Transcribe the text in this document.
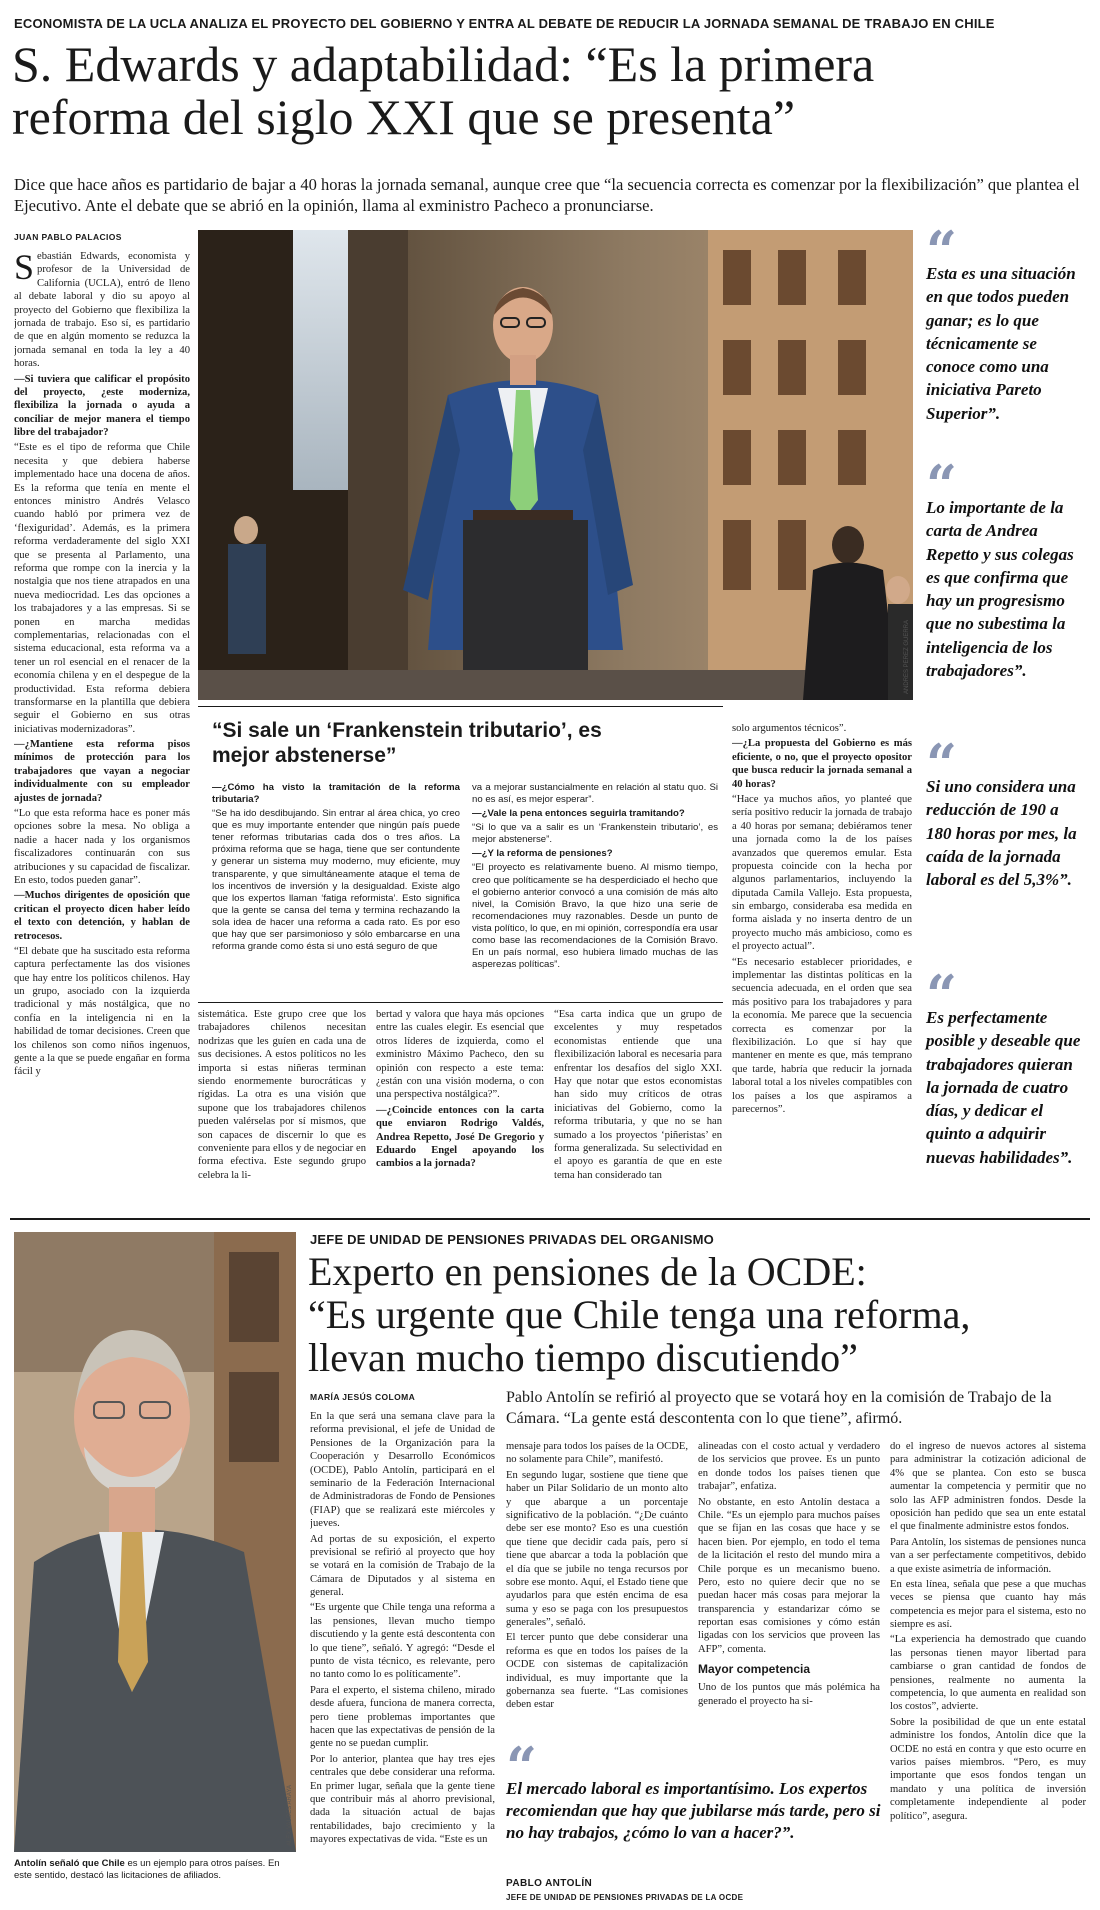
ECONOMISTA DE LA UCLA ANALIZA EL PROYECTO DEL GOBIERNO Y ENTRA AL DEBATE DE REDUCIR LA JORNADA SEMANAL DE TRABAJO EN CHILE
S. Edwards y adaptabilidad: “Es la primera
reforma del siglo XXI que se presenta”
Dice que hace años es partidario de bajar a 40 horas la jornada semanal, aunque cree que “la secuencia correcta es comenzar por la flexibilización” que plantea el Ejecutivo. Ante el debate que se abrió en la opinión, llama al exministro Pacheco a pronunciarse.
JUAN PABLO PALACIOS

Sebastián Edwards, economista y profesor de la Universidad de California (UCLA), entró de lleno al debate laboral y dio su apoyo al proyecto del Gobierno que flexibiliza la jornada de trabajo. Eso sí, es partidario de que en algún momento se reduzca la jornada semanal en toda la ley a 40 horas.

—Si tuviera que calificar el propósito del proyecto, ¿este moderniza, flexibiliza la jornada o ayuda a conciliar de mejor manera el tiempo libre del trabajador?

“Este es el tipo de reforma que Chile necesita y que debiera haberse implementado hace una docena de años. Es la reforma que tenía en mente el entonces ministro Andrés Velasco cuando habló por primera vez de ‘flexiguridad’. Además, es la primera reforma verdaderamente del siglo XXI que se presenta al Parlamento, una reforma que rompe con la inercia y la nostalgia que nos tiene atrapados en una nueva mediocridad. Les das opciones a los trabajadores y a las empresas. Si se ponen en marcha medidas complementarias, relacionadas con el sistema educacional, esta reforma va a tener un rol esencial en el renacer de la economía chilena y en el despegue de la productividad. Esta reforma debiera transformarse en la plantilla que debiera seguir el Gobierno en sus otras iniciativas modernizadoras”.

—¿Mantiene esta reforma pisos mínimos de protección para los trabajadores que vayan a negociar individualmente con su empleador ajustes de jornada?

“Lo que esta reforma hace es poner más opciones sobre la mesa. No obliga a nadie a hacer nada y los organismos fiscalizadores continuarán con sus atribuciones y su capacidad de fiscalizar. En esto, todos pueden ganar”.

—Muchos dirigentes de oposición que critican el proyecto dicen haber leído el texto con detención, y hablan de retrocesos.

“El debate que ha suscitado esta reforma captura perfectamente las dos visiones que hay entre los políticos chilenos. Hay un grupo, asociado con la izquierda tradicional y más nostálgica, que no confía en la inteligencia ni en la habilidad de tomar decisiones. Creen que los chilenos son como niños ingenuos, gente a la que se puede engañar en forma fácil y

ANDRÉS PÉREZ GUERRA
“
Esta es una situación en que todos pueden ganar; es lo que técnicamente se conoce como una iniciativa Pareto Superior”.
“
Lo importante de la carta de Andrea Repetto y sus colegas es que confirma que hay un progresismo que no subestima la inteligencia de los trabajadores”.
“
Si uno considera una reducción de 190 a 180 horas por mes, la caída de la jornada laboral es del 5,3%”.
“
Es perfectamente posible y deseable que trabajadores quieran la jornada de cuatro días, y dedicar el quinto a adquirir nuevas habilidades”.
“Si sale un ‘Frankenstein tributario’, es mejor abstenerse”

—¿Cómo ha visto la tramitación de la reforma tributaria?

“Se ha ido desdibujando. Sin entrar al área chica, yo creo que es muy importante entender que ningún país puede tener reformas tributarias cada dos o tres años. La próxima reforma que se haga, tiene que ser contundente y generar un sistema muy moderno, muy eficiente, muy transparente, y que simultáneamente ataque el tema de los incentivos de inversión y la desigualdad. Existe algo que los expertos llaman ‘fatiga reformista’. Esto significa que la gente se cansa del tema y termina rechazando la sola idea de hacer una reforma a cada rato. Es por eso que hay que ser parsimonioso y sólo embarcarse en una reforma grande como ésta si uno está seguro de que

va a mejorar sustancialmente en relación al statu quo. Si no es así, es mejor esperar”.

—¿Vale la pena entonces seguirla tramitando?

“Si lo que va a salir es un ‘Frankenstein tributario’, es mejor abstenerse”.

—¿Y la reforma de pensiones?

“El proyecto es relativamente bueno. Al mismo tiempo, creo que políticamente se ha desperdiciado el hecho que el gobierno anterior convocó a una comisión de más alto nivel, la Comisión Bravo, la que hizo una serie de recomendaciones muy razonables. Desde un punto de vista político, lo que, en mi opinión, correspondía era usar como base las recomendaciones de la Comisión Bravo. En un país normal, eso hubiera limado muchas de las asperezas políticas”.

sistemática. Este grupo cree que los trabajadores chilenos necesitan nodrizas que les guíen en cada una de sus decisiones. A estos políticos no les importa si estas niñeras terminan siendo enormemente burocráticas y rígidas. La otra es una visión que supone que los trabajadores chilenos pueden valérselas por sí mismos, que son capaces de discernir lo que es conveniente para ellos y de negociar en forma efectiva. Este segundo grupo celebra la li-

bertad y valora que haya más opciones entre las cuales elegir. Es esencial que otros líderes de izquierda, como el exministro Máximo Pacheco, den su opinión con respecto a este tema: ¿están con una visión moderna, o con una perspectiva nostálgica?”.

—¿Coincide entonces con la carta que enviaron Rodrigo Valdés, Andrea Repetto, José De Gregorio y Eduardo Engel apoyando los cambios a la jornada?

“Esa carta indica que un grupo de excelentes y muy respetados economistas entiende que una flexibilización laboral es necesaria para enfrentar los desafíos del siglo XXI. Hay que notar que estos economistas han sido muy críticos de otras iniciativas del Gobierno, como la reforma tributaria, y que no se han sumado a los proyectos ‘piñeristas’ en forma generalizada. Su selectividad en el apoyo es garantía de que en este tema han considerado tan

solo argumentos técnicos”.

—¿La propuesta del Gobierno es más eficiente, o no, que el proyecto opositor que busca reducir la jornada semanal a 40 horas?

“Hace ya muchos años, yo planteé que sería positivo reducir la jornada de trabajo a 40 horas por semana; debiéramos tener una jornada como la de los países avanzados que queremos emular. Esta propuesta coincide con la hecha por algunos parlamentarios, incluyendo la diputada Camila Vallejo. Esta propuesta, sin embargo, consideraba esa medida en forma aislada y no inserta dentro de un proyecto mucho más ambicioso, como es el proyecto actual”.

“Es necesario establecer prioridades, e implementar las distintas políticas en la secuencia adecuada, en el orden que sea más positivo para los trabajadores y para la economía. Me parece que la secuencia correcta es comenzar por la flexibilización. Lo que sí hay que mantener en mente es que, más temprano que tarde, habría que reducir la jornada laboral total a los niveles compatibles con los países a los que aspiramos a parecernos”.

ALEX VALDÉS ARAYA
Antolín señaló que Chile es un ejemplo para otros países. En este sentido, destacó las licitaciones de afiliados.
JEFE DE UNIDAD DE PENSIONES PRIVADAS DEL ORGANISMO
Experto en pensiones de la OCDE:
“Es urgente que Chile tenga una reforma,
llevan mucho tiempo discutiendo”
MARÍA JESÚS COLOMA	Pablo Antolín se refirió al proyecto que se votará hoy en la comisión de Trabajo de la Cámara. “La gente está descontenta con lo que tiene”, afirmó.

En la que será una semana clave para la reforma previsional, el jefe de Unidad de Pensiones de la Organización para la Cooperación y Desarrollo Económicos (OCDE), Pablo Antolín, participará en el seminario de la Federación Internacional de Administradoras de Fondo de Pensiones (FIAP) que se realizará este miércoles y jueves.

Ad portas de su exposición, el experto previsional se refirió al proyecto que hoy se votará en la comisión de Trabajo de la Cámara de Diputados y al sistema en general.

“Es urgente que Chile tenga una reforma a las pensiones, llevan mucho tiempo discutiendo y la gente está descontenta con lo que tiene”, señaló. Y agregó: “Desde el punto de vista técnico, es relevante, pero no tanto como lo es políticamente”.

Para el experto, el sistema chileno, mirado desde afuera, funciona de manera correcta, pero tiene problemas importantes que hacen que las expectativas de pensión de la gente no se puedan cumplir.

Por lo anterior, plantea que hay tres ejes centrales que debe considerar una reforma. En primer lugar, señala que la gente tiene que contribuir más al ahorro previsional, dada la situación actual de bajas rentabilidades, bajo crecimiento y la mayores expectativas de vida. “Este es un

mensaje para todos los países de la OCDE, no solamente para Chile”, manifestó.

En segundo lugar, sostiene que tiene que haber un Pilar Solidario de un monto alto y que abarque a un porcentaje significativo de la población. “¿De cuánto debe ser ese monto? Eso es una cuestión que tiene que decidir cada país, pero sí tiene que abarcar a toda la población que el día que se jubile no tenga recursos por sobre ese monto. Aquí, el Estado tiene que ayudarlos para que estén encima de esa suma y eso se paga con los presupuestos generales”, señaló.

El tercer punto que debe considerar una reforma es que en todos los países de la OCDE con sistemas de capitalización individual, es muy importante que la gobernanza sea fuerte. “Las comisiones deben estar

alineadas con el costo actual y verdadero de los servicios que provee. Es un punto en donde todos los países tienen que trabajar”, enfatiza.

No obstante, en esto Antolín destaca a Chile. “Es un ejemplo para muchos países que se fijan en las cosas que hace y se hacen bien. Por ejemplo, en todo el tema de la licitación el resto del mundo mira a Chile porque es un mecanismo bueno. Pero, esto no quiere decir que no se puedan hacer más cosas para mejorar la transparencia y estandarizar cómo se reportan esas comisiones y cómo están ligadas con los servicios que proveen las AFP”, comenta.

Mayor competencia

Uno de los puntos que más polémica ha generado el proyecto ha si-

do el ingreso de nuevos actores al sistema para administrar la cotización adicional de 4% que se plantea. Con esto se busca aumentar la competencia y permitir que no solo las AFP administren fondos. Desde la oposición han pedido que sea un ente estatal el que finalmente administre estos fondos.

Para Antolín, los sistemas de pensiones nunca van a ser perfectamente competitivos, debido a que existe asimetría de información.

En esta línea, señala que pese a que muchas veces se piensa que cuanto hay más competencia es mejor para el sistema, esto no siempre es así.

“La experiencia ha demostrado que cuando las personas tienen mayor libertad para cambiarse o gran cantidad de fondos de pensiones, realmente no aumenta la competencia, lo que aumenta en realidad son los costos”, advierte.

Sobre la posibilidad de que un ente estatal administre los fondos, Antolín dice que la OCDE no está en contra y que esto ocurre en varios países miembros. “Pero, es muy importante que esos fondos tengan un mandato y una política de inversión completamente independiente al poder político”, asegura.

“
El mercado laboral es importantísimo. Los expertos recomiendan que hay que jubilarse más tarde, pero si no hay trabajos, ¿cómo lo van a hacer?”.
PABLO ANTOLÍN
JEFE DE UNIDAD DE PENSIONES PRIVADAS DE LA OCDE
